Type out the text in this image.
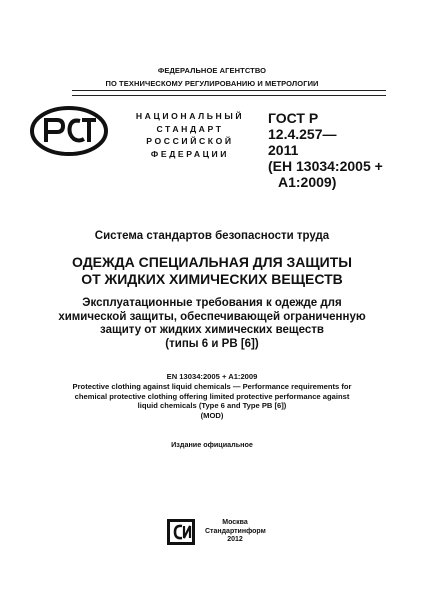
ФЕДЕРАЛЬНОЕ АГЕНТСТВО
ПО ТЕХНИЧЕСКОМУ РЕГУЛИРОВАНИЮ И МЕТРОЛОГИИ
НАЦИОНАЛЬНЫЙ
СТАНДАРТ
РОССИЙСКОЙ
ФЕДЕРАЦИИ
ГОСТ Р
12.4.257—
2011
(ЕН 13034:2005 +
A1:2009)
Система стандартов безопасности труда
ОДЕЖДА СПЕЦИАЛЬНАЯ ДЛЯ ЗАЩИТЫ
ОТ ЖИДКИХ ХИМИЧЕСКИХ ВЕЩЕСТВ
Эксплуатационные требования к одежде для
химической защиты, обеспечивающей ограниченную
защиту от жидких химических веществ
(типы 6 и PB [6])
EN 13034:2005 + A1:2009
Protective clothing against liquid chemicals — Performance requirements for
chemical protective clothing offering limited protective performance against
liquid chemicals (Type 6 and Type PB [6])
(MOD)
Издание официальное
Москва
Стандартинформ
2012
